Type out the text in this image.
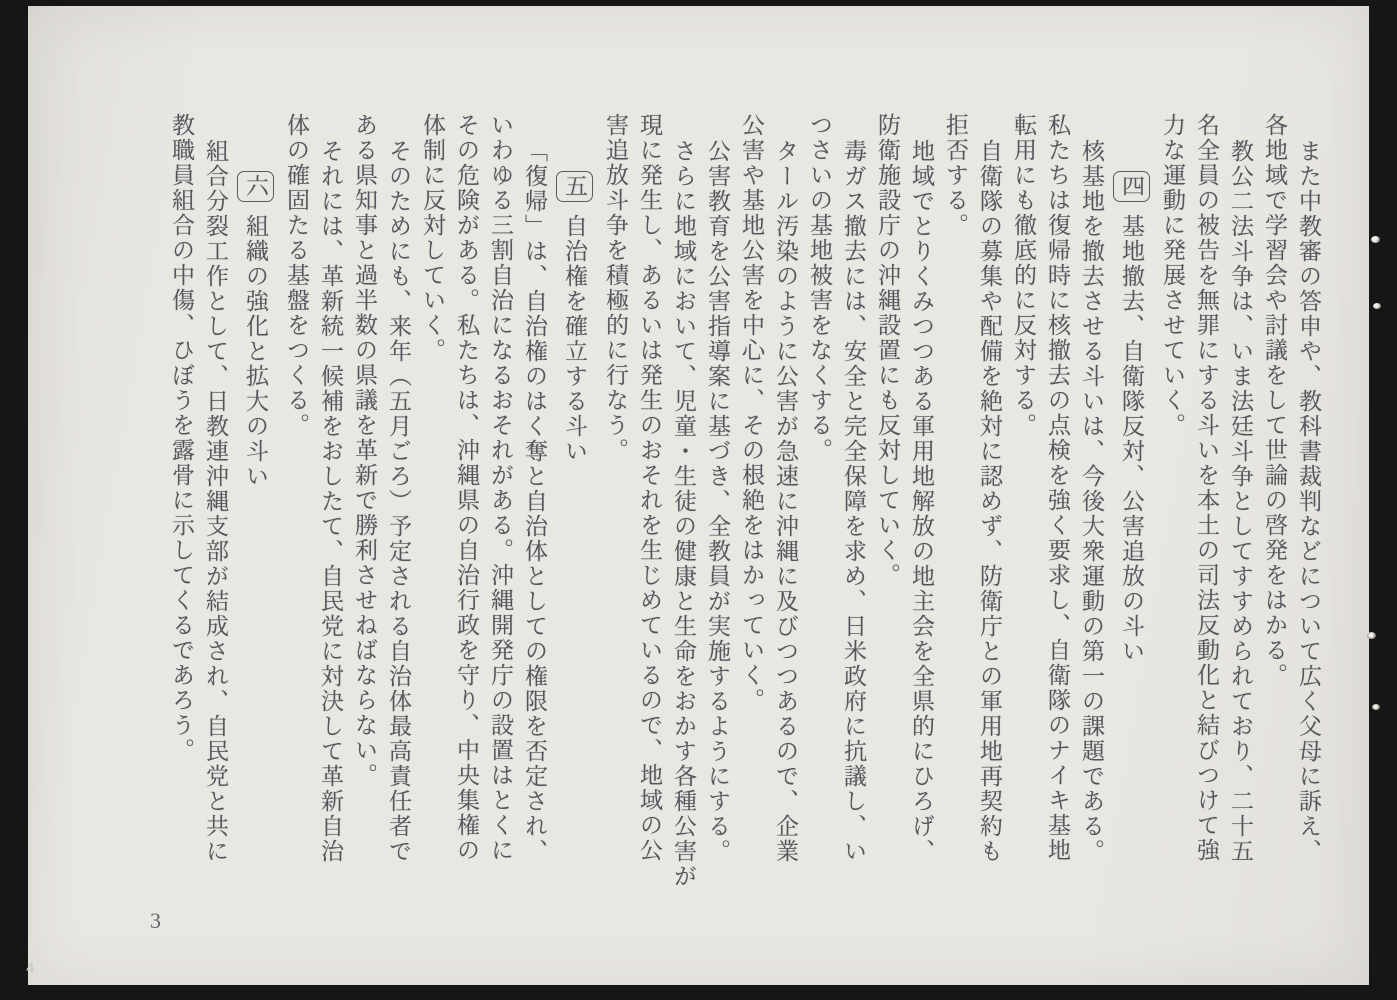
また中教審の答申や、教科書裁判などについて広く父母に訴え、
各地域で学習会や討議をして世論の啓発をはかる。
教公二法斗争は、いま法廷斗争としてすすめられており、二十五
名全員の被告を無罪にする斗いを本土の司法反動化と結びつけて強
力な運動に発展させていく。
四基地撤去、自衛隊反対、公害追放の斗い
核基地を撤去させる斗いは、今後大衆運動の第一の課題である。
私たちは復帰時に核撤去の点検を強く要求し、自衛隊のナイキ基地
転用にも徹底的に反対する。
自衛隊の募集や配備を絶対に認めず、防衛庁との軍用地再契約も
拒否する。
地域でとりくみつつある軍用地解放の地主会を全県的にひろげ、
防衛施設庁の沖縄設置にも反対していく。
毒ガス撤去には、安全と完全保障を求め、日米政府に抗議し、い
つさいの基地被害をなくする。
タール汚染のように公害が急速に沖縄に及びつつあるので、企業
公害や基地公害を中心に、その根絶をはかっていく。
公害教育を公害指導案に基づき、全教員が実施するようにする。
さらに地域において、児童・生徒の健康と生命をおかす各種公害が
現に発生し、あるいは発生のおそれを生じめているので、地域の公
害追放斗争を積極的に行なう。
五自治権を確立する斗い
「復帰」は、自治権のはく奪と自治体としての権限を否定され、
いわゆる三割自治になるおそれがある。沖縄開発庁の設置はとくに
その危険がある。私たちは、沖縄県の自治行政を守り、中央集権の
体制に反対していく。
そのためにも、来年（五月ごろ）予定される自治体最高責任者で
ある県知事と過半数の県議を革新で勝利させねばならない。
それには、革新統一候補をおしたて、自民党に対決して革新自治
体の確固たる基盤をつくる。
六組織の強化と拡大の斗い
組合分裂工作として、日教連沖縄支部が結成され、自民党と共に
教職員組合の中傷、ひぼうを露骨に示してくるであろう。
3
4
